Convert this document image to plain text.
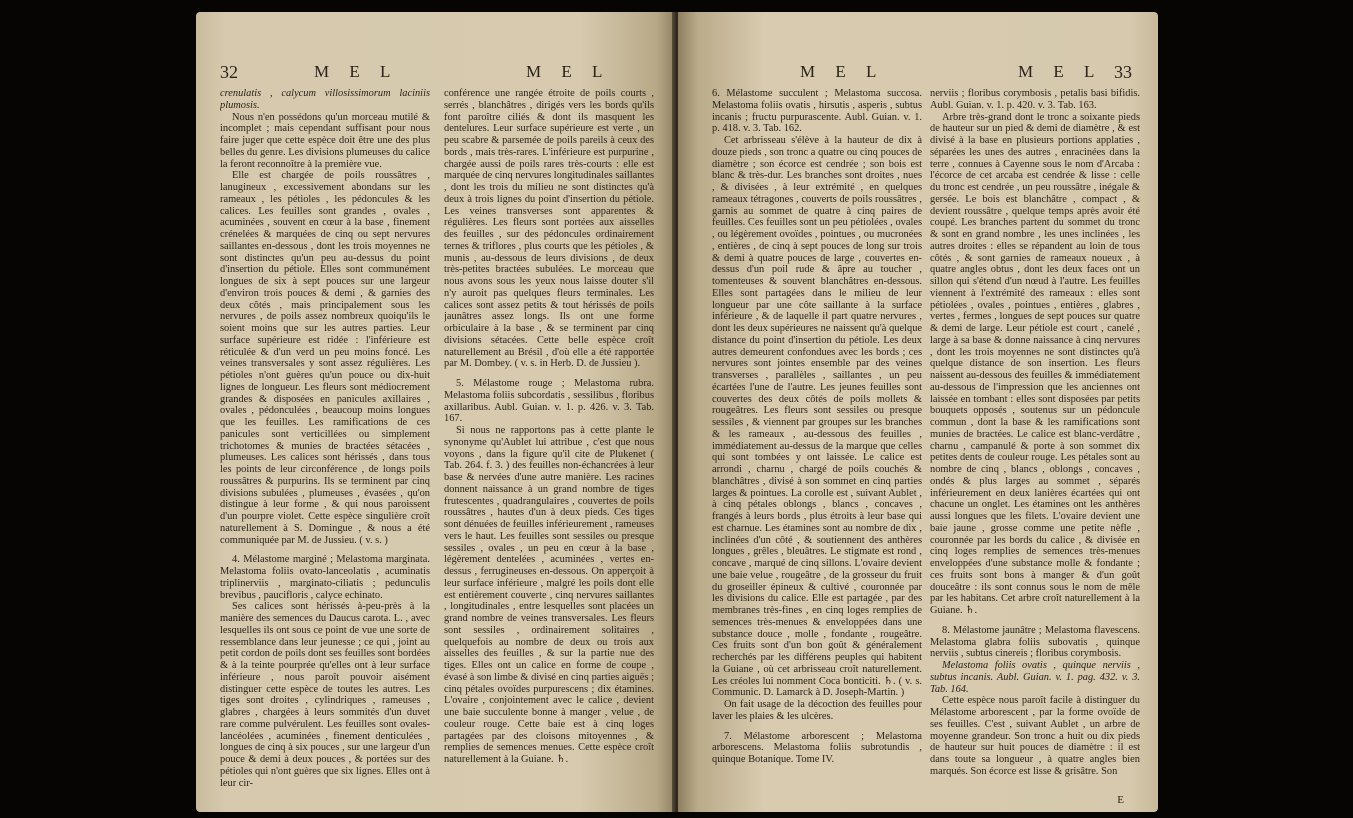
32	M E L	M E L

crenulatis , calycum villosissimorum laciniis plumosis.

Nous n'en possédons qu'un morceau mutilé & incomplet ; mais cependant suffisant pour nous faire juger que cette espèce doit être une des plus belles du genre. Les divisions plumeuses du calice la feront reconnoître à la première vue.

Elle est chargée de poils roussâtres , lanugineux , excessivement abondans sur les rameaux , les pétioles , les pédoncules & les calices. Les feuilles sont grandes , ovales , acuminées , souvent en cœur à la base , finement crénelées & marquées de cinq ou sept nervures saillantes en-dessous , dont les trois moyennes ne sont distinctes qu'un peu au-dessus du point d'insertion du pétiole. Elles sont communément longues de six à sept pouces sur une largeur d'environ trois pouces & demi , & garnies des deux côtés , mais principalement sous les nervures , de poils assez nombreux quoiqu'ils le soient moins que sur les autres parties. Leur surface supérieure est ridée : l'inférieure est réticulée & d'un verd un peu moins foncé. Les veines transversales y sont assez régulières. Les pétioles n'ont guères qu'un pouce ou dix-huit lignes de longueur. Les fleurs sont médiocrement grandes & disposées en panicules axillaires , ovales , pédonculées , beaucoup moins longues que les feuilles. Les ramifications de ces panicules sont verticillées ou simplement trichotomes & munies de bractées sétacées , plumeuses. Les calices sont hérissés , dans tous les points de leur circonférence , de longs poils roussâtres & purpurins. Ils se terminent par cinq divisions subulées , plumeuses , évasées , qu'on distingue à leur forme , & qui nous paroissent d'un pourpre violet. Cette espèce singulière croît naturellement à S. Domingue , & nous a été communiquée par M. de Jussieu. ( v. s. )

4. Mélastome marginé ; Melastoma marginata. Melastoma foliis ovato-lanceolatis , acuminatis triplinerviis , marginato-ciliatis ; pedunculis brevibus , paucifloris , calyce echinato.

Ses calices sont hérissés à-peu-près à la manière des semences du Daucus carota. L. , avec lesquelles ils ont sous ce point de vue une sorte de ressemblance dans leur jeunesse ; ce qui , joint au petit cordon de poils dont ses feuilles sont bordées & à la teinte pourprée qu'elles ont à leur surface inférieure , nous paroît pouvoir aisément distinguer cette espèce de toutes les autres. Les tiges sont droites , cylindriques , rameuses , glabres , chargées à leurs sommités d'un duvet rare comme pulvérulent. Les feuilles sont ovales-lancéolées , acuminées , finement denticulées , longues de cinq à six pouces , sur une largeur d'un pouce & demi à deux pouces , & portées sur des pétioles qui n'ont guères que six lignes. Elles ont à leur cir-

conférence une rangée étroite de poils courts , serrés , blanchâtres , dirigés vers les bords qu'ils font paroître ciliés & dont ils masquent les dentelures. Leur surface supérieure est verte , un peu scabre & parsemée de poils pareils à ceux des bords , mais très-rares. L'inférieure est purpurine , chargée aussi de poils rares très-courts : elle est marquée de cinq nervures longitudinales saillantes , dont les trois du milieu ne sont distinctes qu'à deux à trois lignes du point d'insertion du pétiole. Les veines transverses sont apparentes & régulières. Les fleurs sont portées aux aisselles des feuilles , sur des pédoncules ordinairement ternes & triflores , plus courts que les pétioles , & munis , au-dessous de leurs divisions , de deux très-petites bractées subulées. Le morceau que nous avons sous les yeux nous laisse douter s'il n'y auroit pas quelques fleurs terminales. Les calices sont assez petits & tout hérissés de poils jaunâtres assez longs. Ils ont une forme orbiculaire à la base , & se terminent par cinq divisions sétacées. Cette belle espèce croît naturellement au Brésil , d'où elle a été rapportée par M. Dombey. ( v. s. in Herb. D. de Jussieu ).

5. Mélastome rouge ; Melastoma rubra. Melastoma foliis subcordatis , sessilibus , floribus axillaribus. Aubl. Guian. v. 1. p. 426. v. 3. Tab. 167.

Si nous ne rapportons pas à cette plante le synonyme qu'Aublet lui attribue , c'est que nous voyons , dans la figure qu'il cite de Plukenet ( Tab. 264. f. 3. ) des feuilles non-échancrées à leur base & nervées d'une autre manière. Les racines donnent naissance à un grand nombre de tiges frutescentes , quadrangulaires , couvertes de poils roussâtres , hautes d'un à deux pieds. Ces tiges sont dénuées de feuilles inférieurement , rameuses vers le haut. Les feuilles sont sessiles ou presque sessiles , ovales , un peu en cœur à la base , légèrement dentelées , acuminées , vertes en-dessus , ferrugineuses en-dessous. On apperçoit à leur surface inférieure , malgré les poils dont elle est entièrement couverte , cinq nervures saillantes , longitudinales , entre lesquelles sont placées un grand nombre de veines transversales. Les fleurs sont sessiles , ordinairement solitaires , quelquefois au nombre de deux ou trois aux aisselles des feuilles , & sur la partie nue des tiges. Elles ont un calice en forme de coupe , évasé à son limbe & divisé en cinq parties aiguës ; cinq pétales ovoïdes purpurescens ; dix étamines. L'ovaire , conjointement avec le calice , devient une baie succulente bonne à manger , velue , de couleur rouge. Cette baie est à cinq loges partagées par des cloisons mitoyennes , & remplies de semences menues. Cette espèce croît naturellement à la Guiane. ♄.

M E L	M E L 33

6. Mélastome succulent ; Melastoma succosa. Melastoma foliis ovatis , hirsutis , asperis , subtus incanis ; fructu purpurascente. Aubl. Guian. v. 1. p. 418. v. 3. Tab. 162.

Cet arbrisseau s'élève à la hauteur de dix à douze pieds , son tronc a quatre ou cinq pouces de diamètre ; son écorce est cendrée ; son bois est blanc & très-dur. Les branches sont droites , nues , & divisées , à leur extrémité , en quelques rameaux tétragones , couverts de poils roussâtres , garnis au sommet de quatre à cinq paires de feuilles. Ces feuilles sont un peu pétiolées , ovales , ou légèrement ovoïdes , pointues , ou mucronées , entières , de cinq à sept pouces de long sur trois & demi à quatre pouces de large , couvertes en-dessus d'un poil rude & âpre au toucher , tomenteuses & souvent blanchâtres en-dessous. Elles sont partagées dans le milieu de leur longueur par une côte saillante à la surface inférieure , & de laquelle il part quatre nervures , dont les deux supérieures ne naissent qu'à quelque distance du point d'insertion du pétiole. Les deux autres demeurent confondues avec les bords ; ces nervures sont jointes ensemble par des veines transverses , parallèles , saillantes , un peu écartées l'une de l'autre. Les jeunes feuilles sont couvertes des deux côtés de poils mollets & rougeâtres. Les fleurs sont sessiles ou presque sessiles , & viennent par groupes sur les branches & les rameaux , au-dessous des feuilles , immédiatement au-dessus de la marque que celles qui sont tombées y ont laissée. Le calice est arrondi , charnu , chargé de poils couchés & blanchâtres , divisé à son sommet en cinq parties larges & pointues. La corolle est , suivant Aublet , à cinq pétales oblongs , blancs , concaves , frangés à leurs bords , plus étroits à leur base qui est charnue. Les étamines sont au nombre de dix , inclinées d'un côté , & soutiennent des anthères longues , grêles , bleuâtres. Le stigmate est rond , concave , marqué de cinq sillons. L'ovaire devient une baie velue , rougeâtre , de la grosseur du fruit du groseiller épineux & cultivé , couronnée par les divisions du calice. Elle est partagée , par des membranes très-fines , en cinq loges remplies de semences très-menues & enveloppées dans une substance douce , molle , fondante , rougeâtre. Ces fruits sont d'un bon goût & généralement recherchés par les différens peuples qui habitent la Guiane , où cet arbrisseau croît naturellement. Les créoles lui nomment Coca bonticiti. ♄. ( v. s. Communic. D. Lamarck à D. Joseph-Martin. )

On fait usage de la décoction des feuilles pour laver les plaies & les ulcères.

7. Mélastome arborescent ; Melastoma arborescens. Melastoma foliis subrotundis , quinque Botanique. Tome IV.

nerviis ; floribus corymbosis , petalis basi bifidis. Aubl. Guian. v. 1. p. 420. v. 3. Tab. 163.

Arbre très-grand dont le tronc a soixante pieds de hauteur sur un pied & demi de diamètre , & est divisé à la base en plusieurs portions applaties , séparées les unes des autres , enracinées dans la terre , connues à Cayenne sous le nom d'Arcaba : l'écorce de cet arcaba est cendrée & lisse : celle du tronc est cendrée , un peu roussâtre , inégale & gersée. Le bois est blanchâtre , compact , & devient roussâtre , quelque temps après avoir été coupé. Les branches partent du sommet du tronc & sont en grand nombre , les unes inclinées , les autres droites : elles se répandent au loin de tous côtés , & sont garnies de rameaux noueux , à quatre angles obtus , dont les deux faces ont un sillon qui s'étend d'un nœud à l'autre. Les feuilles viennent à l'extrémité des rameaux : elles sont pétiolées , ovales , pointues , entières , glabres , vertes , fermes , longues de sept pouces sur quatre & demi de large. Leur pétiole est court , canelé , large à sa base & donne naissance à cinq nervures , dont les trois moyennes ne sont distinctes qu'à quelque distance de son insertion. Les fleurs naissent au-dessous des feuilles & immédiatement au-dessous de l'impression que les anciennes ont laissée en tombant : elles sont disposées par petits bouquets opposés , soutenus sur un pédoncule commun , dont la base & les ramifications sont munies de bractées. Le calice est blanc-verdâtre , charnu , campanulé & porte à son sommet dix petites dents de couleur rouge. Les pétales sont au nombre de cinq , blancs , oblongs , concaves , ondés & plus larges au sommet , séparés inférieurement en deux lanières écartées qui ont chacune un onglet. Les étamines ont les anthères aussi longues que les filets. L'ovaire devient une baie jaune , grosse comme une petite nèfle , couronnée par les bords du calice , & divisée en cinq loges remplies de semences très-menues enveloppées d'une substance molle & fondante ; ces fruits sont bons à manger & d'un goût douceâtre : ils sont connus sous le nom de mêle par les habitans. Cet arbre croît naturellement à la Guiane. ♄.

8. Mélastome jaunâtre ; Melastoma flavescens. Melastoma glabra foliis subovatis , quinque nerviis , subtus cinereis ; floribus corymbosis.

Melastoma foliis ovatis , quinque nerviis , subtus incanis. Aubl. Guian. v. 1. pag. 432. v. 3. Tab. 164.

Cette espèce nous paroît facile à distinguer du Mélastome arborescent , par la forme ovoïde de ses feuilles. C'est , suivant Aublet , un arbre de moyenne grandeur. Son tronc a huit ou dix pieds de hauteur sur huit pouces de diamètre : il est dans toute sa longueur , à quatre angles bien marqués. Son écorce est lisse & grisâtre. Son

E
